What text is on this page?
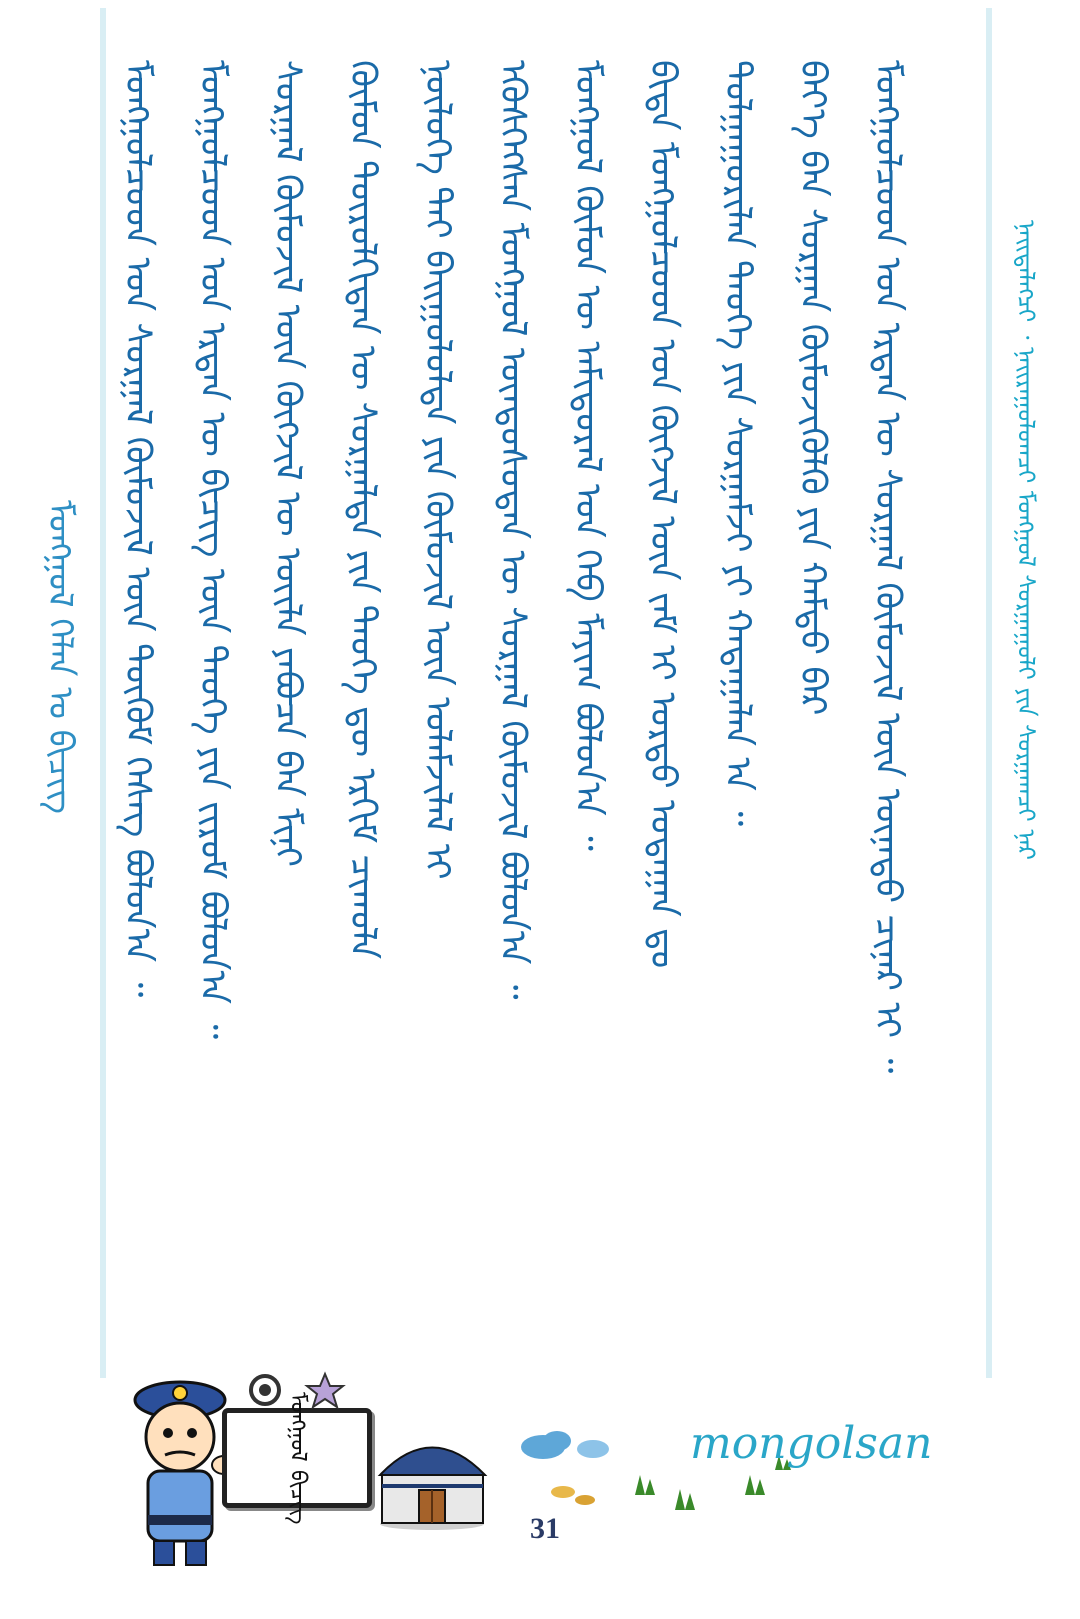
ᠮᠣᠩᠭᠣᠯ ᠬᠡᠯᠡᠨ ᠤ ᠪᠢᠴᠢᠭ ᠮᠣᠩᠭᠣᠯᠴᠤᠳ ᠤᠨ ᠰᠤᠷᠭᠠᠯ ᠬᠦᠮᠦᠵᠢᠯ ᠦᠨ ᠲᠦᠬᠦᠮ ᠬᠡᠰᠡᠭ ᠪᠣᠯᠤᠨ᠎ᠠ ᠃ ᠮᠣᠩᠭᠣᠯᠴᠤᠳ ᠤᠨ ᠡᠷᠲᠡᠨ ᠦ ᠪᠢᠴᠢᠭ ᠦᠨ ᠲᠡᠦᠬᠡ ᠶᠢᠨ ᠵᠢᠷᠤᠮ ᠪᠣᠯᠤᠨ᠎ᠠ ᠃ ᠰᠤᠷᠭᠠᠯ ᠬᠦᠮᠦᠵᠢᠯ ᠦᠨ ᠬᠥᠭᠵᠢᠯ ᠦ ᠦᠢᠯᠡ ᠶᠠᠪᠤᠴᠠ ᠪᠠᠨ ᠮᠢᠨᠢ ᠬᠦᠮᠦᠨ ᠲᠦᠷᠦᠯᠬᠢᠲᠡᠨ ᠦ ᠰᠤᠷᠭᠠᠯᠲᠠ ᠶᠢᠨ ᠲᠡᠦᠬᠡ ᠳᠦ ᠡᠷᠬᠢᠮ ᠴᠢᠬᠤᠯᠠ ᠨᠥᠯᠦᠭᠡ ᠲᠠᠢ ᠪᠠᠢᠭᠤᠯᠤᠯᠲᠠ ᠶᠢᠨ ᠬᠦᠮᠦᠵᠢᠯ ᠦᠨ ᠤᠯᠠᠮᠵᠢᠯᠠᠯ ᠢ ᠡᠭᠦᠰᠭᠡᠭᠰᠡᠨ ᠮᠣᠩᠭᠣᠯ ᠦᠨᠳᠦᠰᠦᠲᠡᠨ ᠦ ᠰᠤᠷᠭᠠᠯ ᠬᠦᠮᠦᠵᠢᠯ ᠪᠣᠯᠤᠨ᠎ᠠ ᠃ ᠮᠣᠩᠭᠣᠯ ᠬᠦᠮᠦᠨ ᠦ ᠠᠮᠢᠳᠤᠷᠠᠯ ᠤᠨ ᠬᠡᠪ ᠮᠠᠶᠢᠭ ᠪᠣᠯᠤᠨ᠎ᠠ ᠃ ᠪᠢᠳᠡ ᠮᠣᠩᠭᠣᠯᠴᠤᠳ ᠤᠨ ᠬᠥᠭᠵᠢᠯ ᠦᠨ ᠵᠠᠮ ᠢ ᠤᠷᠳᠤ ᠤᠳᠠᠭᠠᠨ ᠳᠤ ᠲᠤᠯᠭᠠᠭᠤᠷᠢᠯᠠᠨ ᠲᠡᠦᠬᠡ ᠶᠢᠨ ᠰᠤᠷᠭᠠᠮᠵᠢ ᠶᠢ ᠬᠠᠳᠠᠭᠠᠯᠠᠨ ᠠ ᠃ ᠪᠡᠶ᠎ᠡ ᠪᠡᠨ ᠰᠤᠷᠭᠠᠨ ᠬᠥᠮᠦᠵᠢᠭᠦᠯᠬᠦ ᠶᠢᠨ ᠬᠠᠮᠲᠤ ᠪᠠᠷ ᠮᠣᠩᠭᠣᠯᠴᠤᠳ ᠤᠨ ᠡᠷᠲᠡᠨ ᠦ ᠰᠤᠷᠭᠠᠯ ᠬᠦᠮᠦᠵᠢᠯ ᠦᠨ ᠦᠨᠡᠲᠦ ᠴᠢᠨᠠᠷ ᠢ ᠃	ᠨᠡᠢᠲᠡᠯᠡᠭᠴᠢ ᠂ ᠨᠠᠢᠷᠠᠭᠤᠯᠤᠭᠴᠢ ᠮᠣᠩᠭᠣᠯ ᠰᠤᠷᠭᠠᠭᠤᠯᠢ ᠶᠢᠨ ᠰᠤᠷᠭᠠᠭᠴᠢ ᠨᠠᠷ
ᠮᠣᠩᠭᠣᠯ
ᠪᠢᠴᠢᠭ
31
mongolsan
